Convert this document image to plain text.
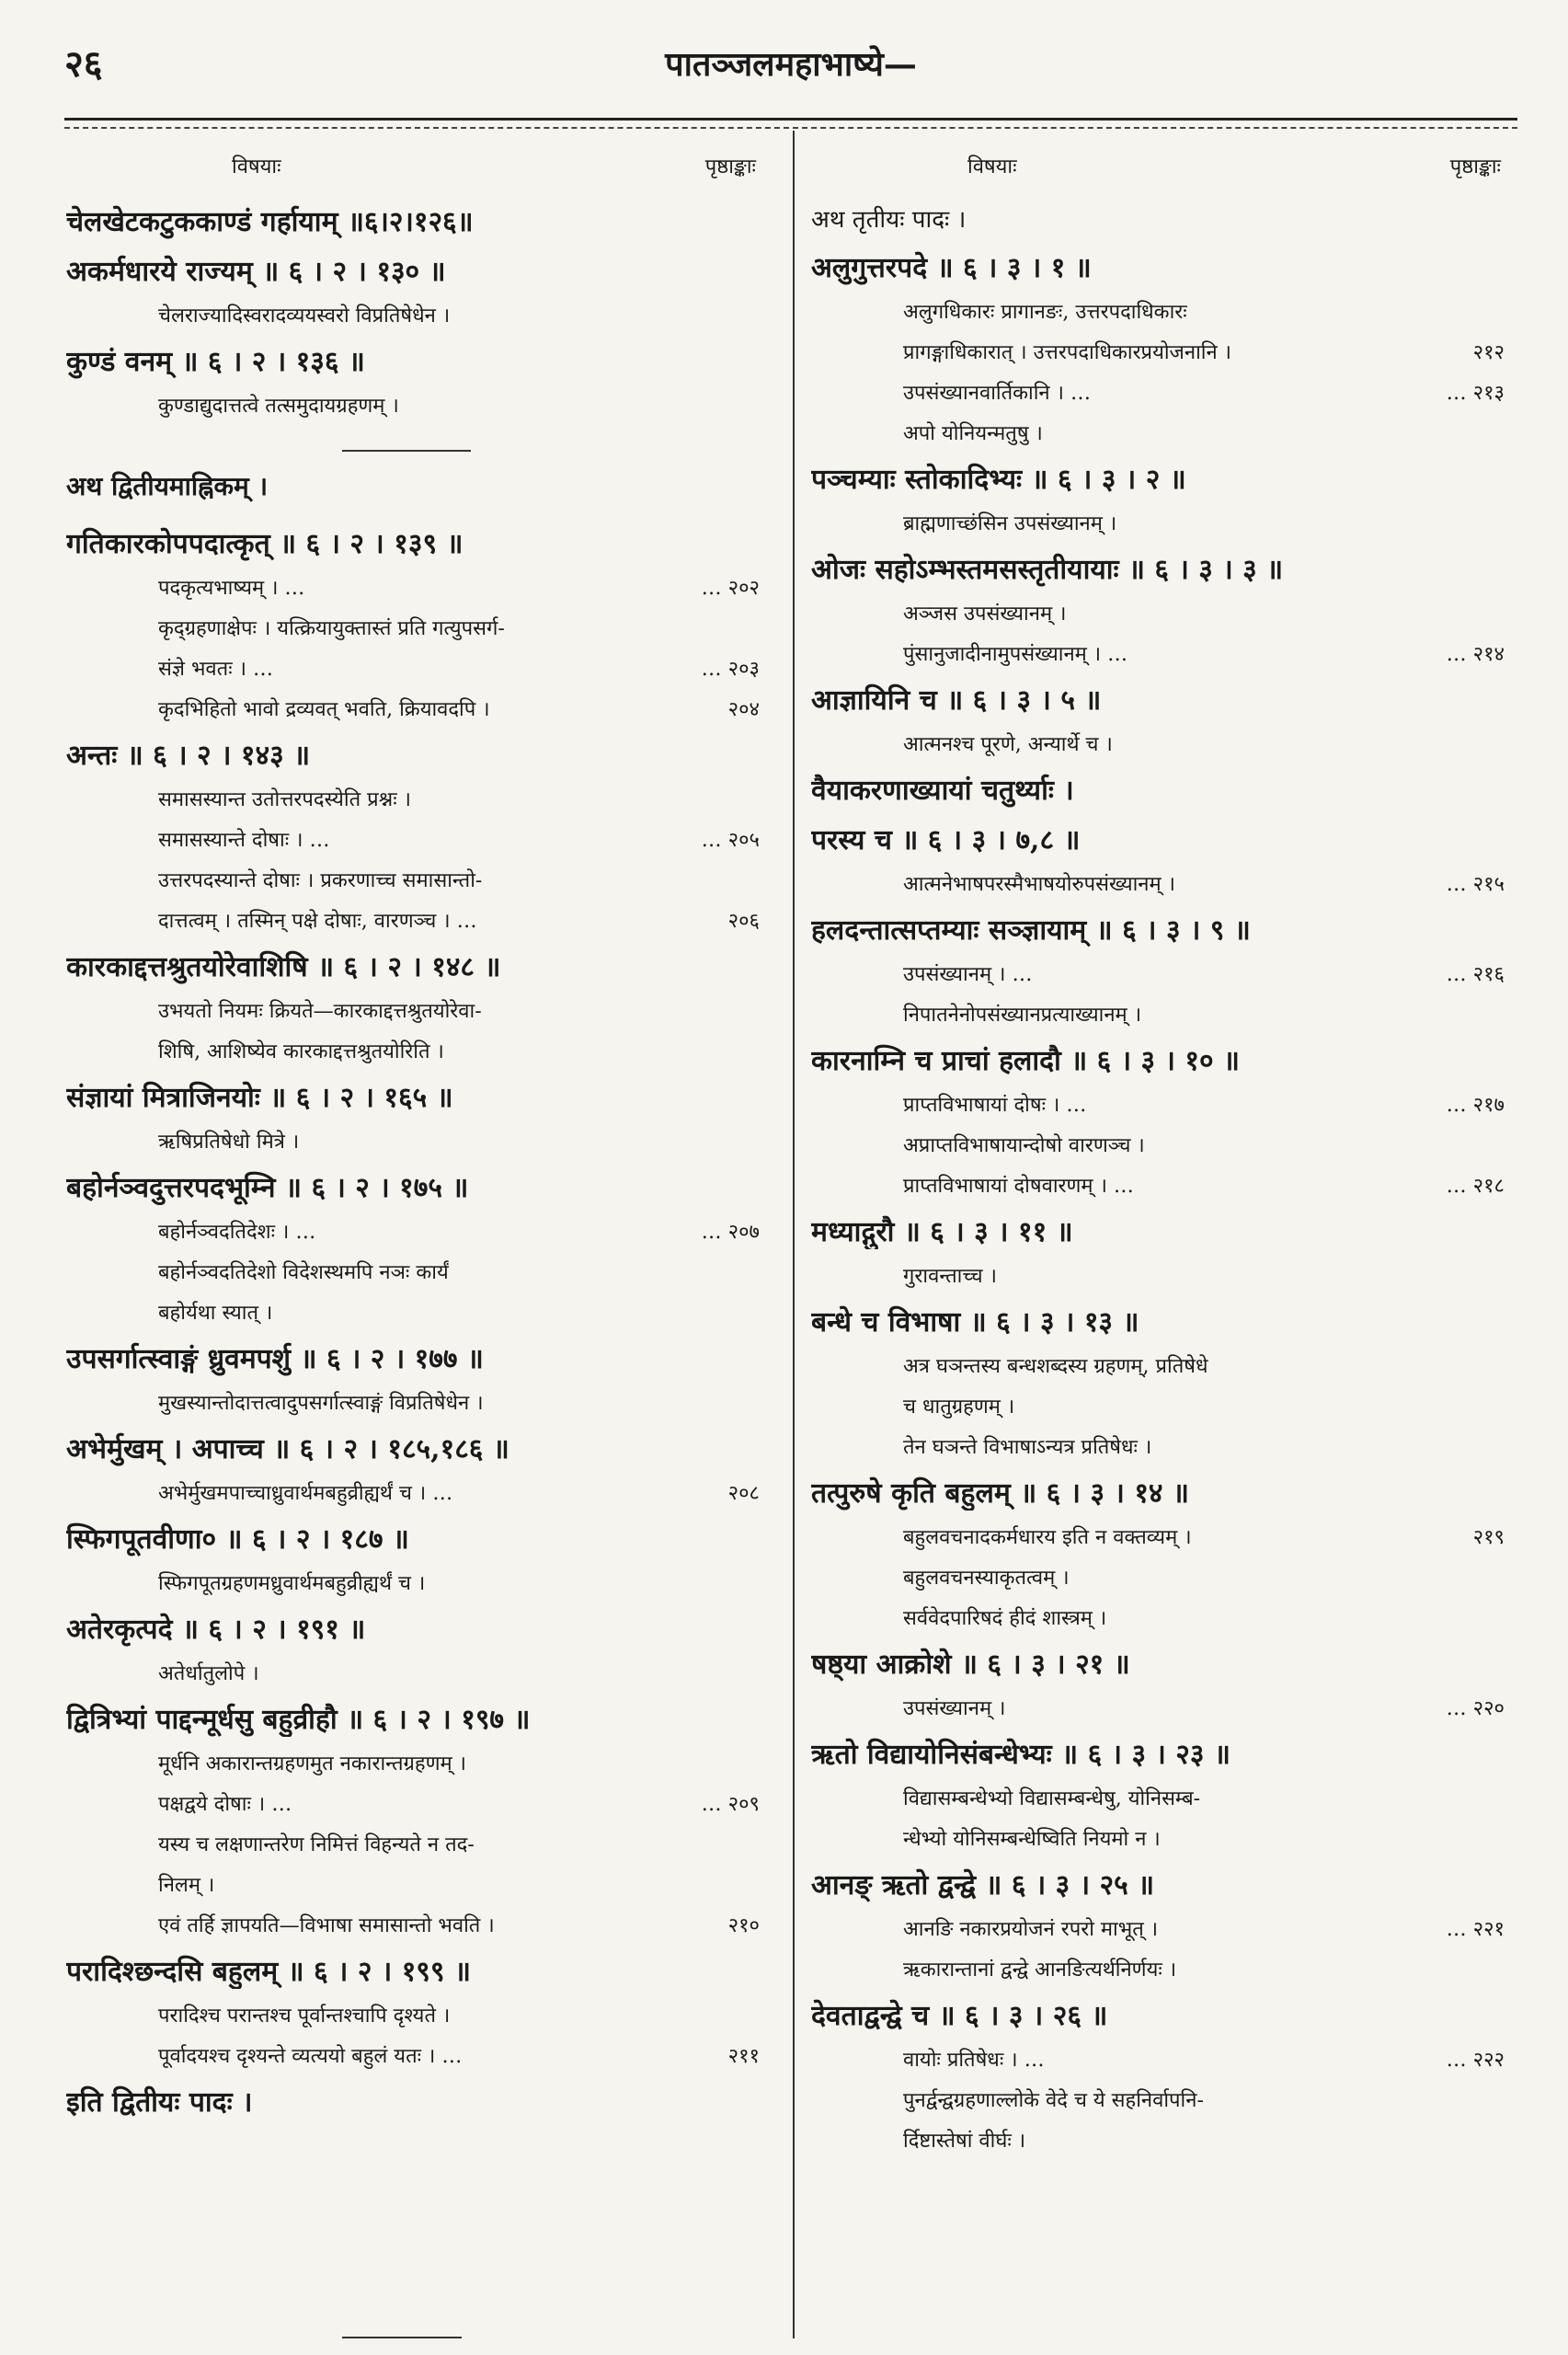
२६	पातञ्जलमहाभाष्ये—
विषयाः	पृष्ठाङ्काः
चेलखेटकटुककाण्डं गर्हायाम् ॥६।२।१२६॥
अकर्मधारये राज्यम् ॥ ६ । २ । १३० ॥
चेलराज्यादिस्वरादव्ययस्वरो विप्रतिषेधेन ।
कुण्डं वनम् ॥ ६ । २ । १३६ ॥
कुण्डाद्युदात्तत्वे तत्समुदायग्रहणम् ।
अथ द्वितीयमाह्निकम् ।
गतिकारकोपपदात्कृत् ॥ ६ । २ । १३९ ॥
पदकृत्यभाष्यम् । …	… २०२
कृद्ग्रहणाक्षेपः । यत्क्रियायुक्तास्तं प्रति गत्युपसर्ग-
संज्ञे भवतः । …	… २०३
कृदभिहितो भावो द्रव्यवत् भवति, क्रियावदपि ।	२०४
अन्तः ॥ ६ । २ । १४३ ॥
समासस्यान्त उतोत्तरपदस्येति प्रश्नः ।
समासस्यान्ते दोषाः । …	… २०५
उत्तरपदस्यान्ते दोषाः । प्रकरणाच्च समासान्तो-
दात्तत्वम् । तस्मिन् पक्षे दोषाः, वारणञ्च । …	२०६
कारकाद्दत्तश्रुतयोरेवाशिषि ॥ ६ । २ । १४८ ॥
उभयतो नियमः क्रियते—कारकाद्दत्तश्रुतयोरेवा-
शिषि, आशिष्येव कारकाद्दत्तश्रुतयोरिति ।
संज्ञायां मित्राजिनयोः ॥ ६ । २ । १६५ ॥
ऋषिप्रतिषेधो मित्रे ।
बहोर्नञ्वदुत्तरपदभूम्नि ॥ ६ । २ । १७५ ॥
बहोर्नञ्वदतिदेशः । …	… २०७
बहोर्नञ्वदतिदेशो विदेशस्थमपि नञः कार्यं
बहोर्यथा स्यात् ।
उपसर्गात्स्वाङ्गं ध्रुवमपर्शु ॥ ६ । २ । १७७ ॥
मुखस्यान्तोदात्तत्वादुपसर्गात्स्वाङ्गं विप्रतिषेधेन ।
अभेर्मुखम् । अपाच्च ॥ ६ । २ । १८५,१८६ ॥
अभेर्मुखमपाच्चाध्रुवार्थमबहुव्रीह्यर्थं च । …	२०८
स्फिगपूतवीणा० ॥ ६ । २ । १८७ ॥
स्फिगपूतग्रहणमध्रुवार्थमबहुव्रीह्यर्थं च ।
अतेरकृत्पदे ॥ ६ । २ । १९१ ॥
अतेर्धातुलोपे ।
द्वित्रिभ्यां पाद्दन्मूर्धसु बहुव्रीहौ ॥ ६ । २ । १९७ ॥
मूर्धनि अकारान्तग्रहणमुत नकारान्तग्रहणम् ।
पक्षद्वये दोषाः । …	… २०९
यस्य च लक्षणान्तरेण निमित्तं विहन्यते न तद-
निलम् ।
एवं तर्हि ज्ञापयति—विभाषा समासान्तो भवति ।	२१०
परादिश्छन्दसि बहुलम् ॥ ६ । २ । १९९ ॥
परादिश्च परान्तश्च पूर्वान्तश्चापि दृश्यते ।
पूर्वादयश्च दृश्यन्ते व्यत्ययो बहुलं यतः । …	२११
इति द्वितीयः पादः ।
विषयाः	पृष्ठाङ्काः
अथ तृतीयः पादः ।
अलुगुत्तरपदे ॥ ६ । ३ । १ ॥
अलुगधिकारः प्रागानङः, उत्तरपदाधिकारः
प्रागङ्गाधिकारात् । उत्तरपदाधिकारप्रयोजनानि ।	२१२
उपसंख्यानवार्तिकानि । …	… २१३
अपो योनियन्मतुषु ।
पञ्चम्याः स्तोकादिभ्यः ॥ ६ । ३ । २ ॥
ब्राह्मणाच्छंसिन उपसंख्यानम् ।
ओजः सहोऽम्भस्तमसस्तृतीयायाः ॥ ६ । ३ । ३ ॥
अञ्जस उपसंख्यानम् ।
पुंसानुजादीनामुपसंख्यानम् । …	… २१४
आज्ञायिनि च ॥ ६ । ३ । ५ ॥
आत्मनश्च पूरणे, अन्यार्थे च ।
वैयाकरणाख्यायां चतुर्थ्याः ।
परस्य च ॥ ६ । ३ । ७,८ ॥
आत्मनेभाषपरस्मैभाषयोरुपसंख्यानम् ।	… २१५
हलदन्तात्सप्तम्याः सञ्ज्ञायाम् ॥ ६ । ३ । ९ ॥
उपसंख्यानम् । …	… २१६
निपातनेनोपसंख्यानप्रत्याख्यानम् ।
कारनाम्नि च प्राचां हलादौ ॥ ६ । ३ । १० ॥
प्राप्तविभाषायां दोषः । …	… २१७
अप्राप्तविभाषायान्दोषो वारणञ्च ।
प्राप्तविभाषायां दोषवारणम् । …	… २१८
मध्याद्गुरौ ॥ ६ । ३ । ११ ॥
गुरावन्ताच्च ।
बन्धे च विभाषा ॥ ६ । ३ । १३ ॥
अत्र घञन्तस्य बन्धशब्दस्य ग्रहणम्, प्रतिषेधे
च धातुग्रहणम् ।
तेन घञन्ते विभाषाऽन्यत्र प्रतिषेधः ।
तत्पुरुषे कृति बहुलम् ॥ ६ । ३ । १४ ॥
बहुलवचनादकर्मधारय इति न वक्तव्यम् ।	२१९
बहुलवचनस्याकृतत्वम् ।
सर्ववेदपारिषदं हीदं शास्त्रम् ।
षष्ठ्या आक्रोशे ॥ ६ । ३ । २१ ॥
उपसंख्यानम् ।	… २२०
ऋतो विद्यायोनिसंबन्धेभ्यः ॥ ६ । ३ । २३ ॥
विद्यासम्बन्धेभ्यो विद्यासम्बन्धेषु, योनिसम्ब-
न्धेभ्यो योनिसम्बन्धेष्विति नियमो न ।
आनङ् ऋतो द्वन्द्वे ॥ ६ । ३ । २५ ॥
आनङि नकारप्रयोजनं रपरो माभूत् ।	… २२१
ऋकारान्तानां द्वन्द्वे आनङित्यर्थनिर्णयः ।
देवताद्वन्द्वे च ॥ ६ । ३ । २६ ॥
वायोः प्रतिषेधः । …	… २२२
पुनर्द्वन्द्वग्रहणाल्लोके वेदे च ये सहनिर्वापनि-
र्दिष्टास्तेषां वीर्घः ।
